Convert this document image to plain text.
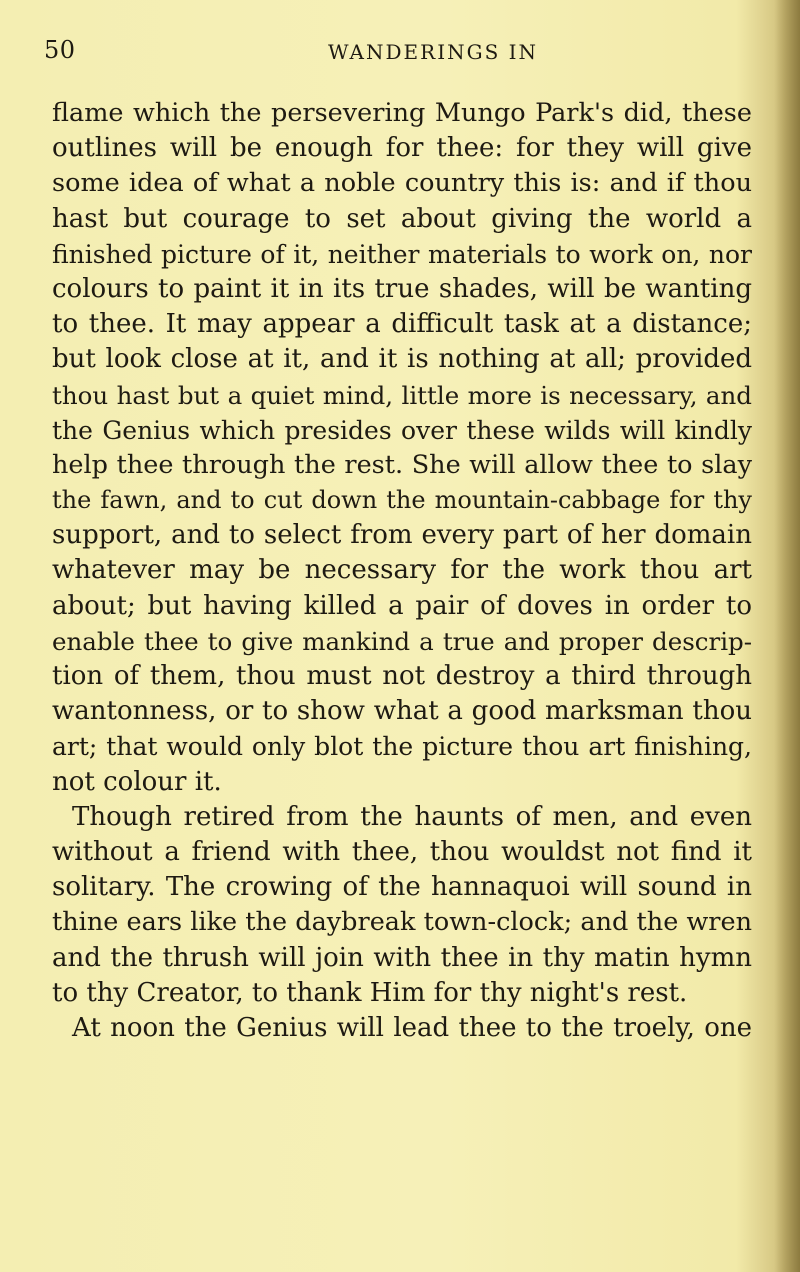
50	WANDERINGS IN
flame which the persevering Mungo Park's did, these
outlines will be enough for thee: for they will give
some idea of what a noble country this is: and if thou
hast but courage to set about giving the world a
finished picture of it, neither materials to work on, nor
colours to paint it in its true shades, will be wanting
to thee. It may appear a difficult task at a distance;
but look close at it, and it is nothing at all; provided
thou hast but a quiet mind, little more is necessary, and
the Genius which presides over these wilds will kindly
help thee through the rest. She will allow thee to slay
the fawn, and to cut down the mountain-cabbage for thy
support, and to select from every part of her domain
whatever may be necessary for the work thou art
about; but having killed a pair of doves in order to
enable thee to give mankind a true and proper descrip-
tion of them, thou must not destroy a third through
wantonness, or to show what a good marksman thou
art; that would only blot the picture thou art finishing,
not colour it.
Though retired from the haunts of men, and even
without a friend with thee, thou wouldst not find it
solitary. The crowing of the hannaquoi will sound in
thine ears like the daybreak town-clock; and the wren
and the thrush will join with thee in thy matin hymn
to thy Creator, to thank Him for thy night's rest.
At noon the Genius will lead thee to the troely, one
